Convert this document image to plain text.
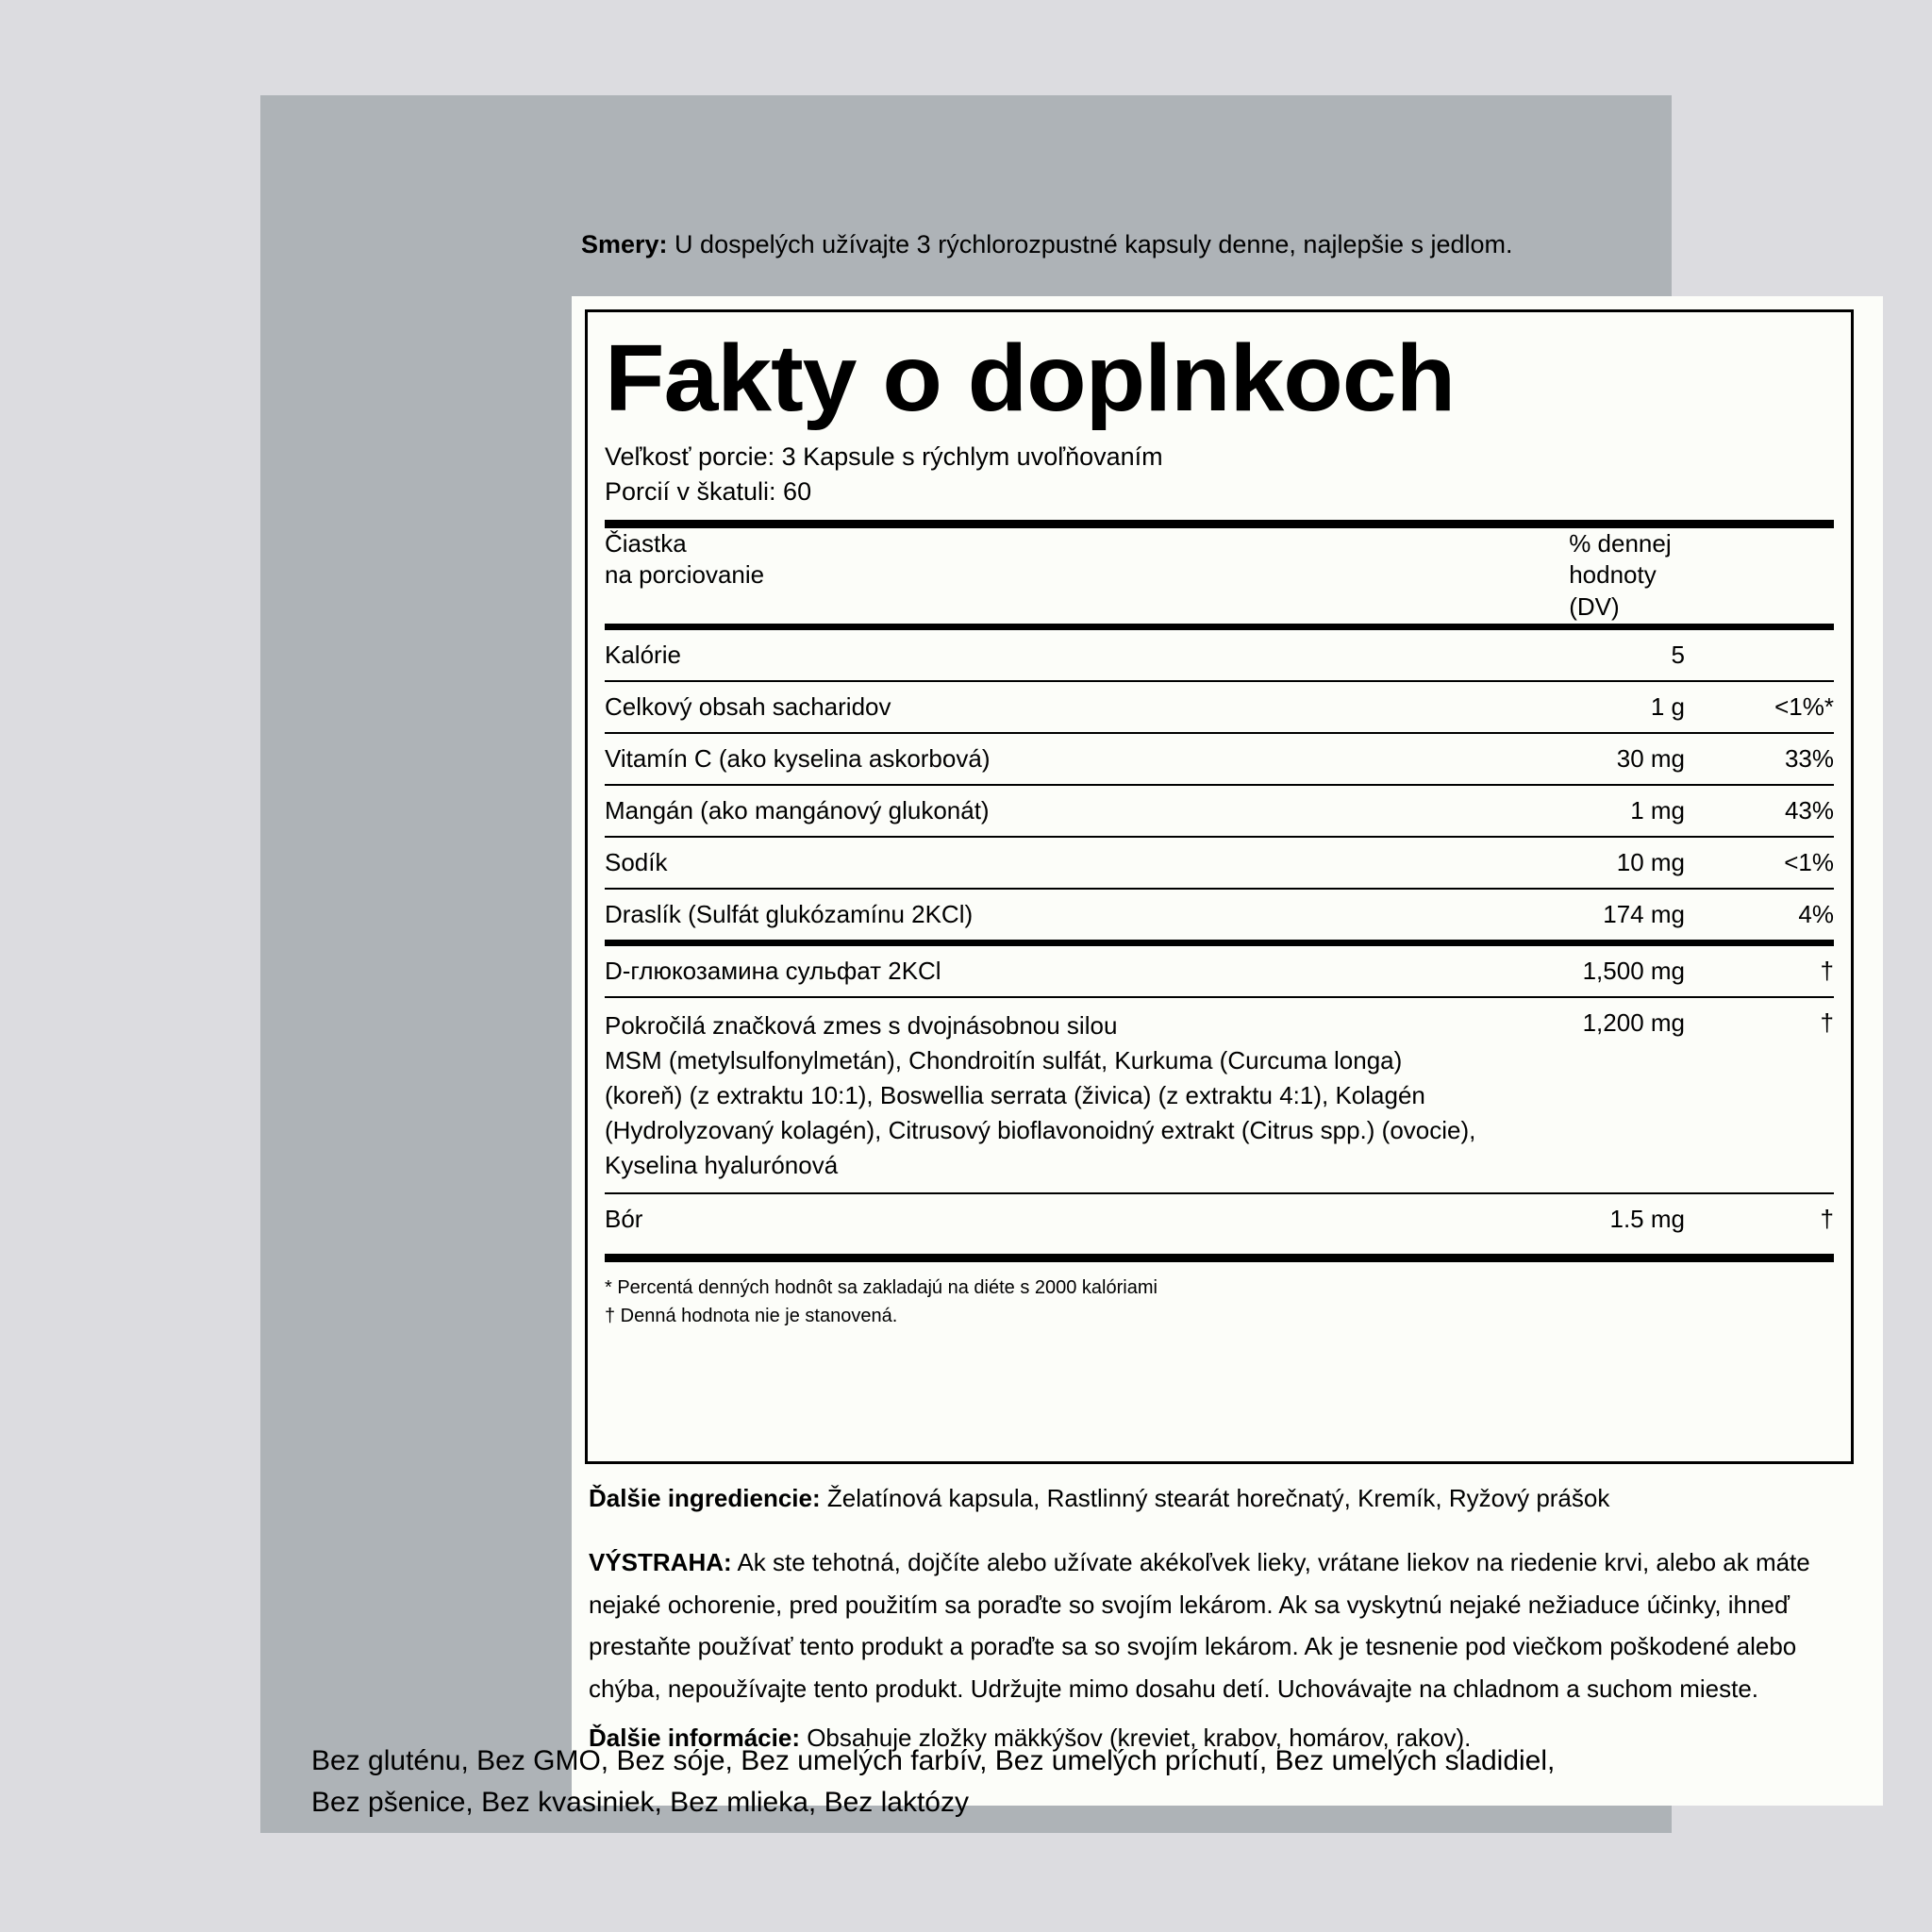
Smery: U dospelých užívajte 3 rýchlorozpustné kapsuly denne, najlepšie s jedlom.
Fakty o doplnkoch
Veľkosť porcie: 3 Kapsule s rýchlym uvoľňovaním
Porcií v škatuli: 60
Čiastka
na porciovanie

% dennej
hodnoty
(DV)

Kalórie	5	
Celkový obsah sacharidov	1 g	<1%*
Vitamín C (ako kyselina askorbová)	30 mg	33%
Mangán (ako mangánový glukonát)	1 mg	43%
Sodík	10 mg	<1%
Draslík (Sulfát glukózamínu 2KCl)	174 mg	4%
D-глюкозамина сульфат 2KCl	1,500 mg	†

Pokročilá značková zmes s dvojnásobnou silou
MSM (metylsulfonylmetán), Chondroitín sulfát, Kurkuma (Curcuma longa)
(koreň) (z extraktu 10:1), Boswellia serrata (živica) (z extraktu 4:1), Kolagén
(Hydrolyzovaný kolagén), Citrusový bioflavonoidný extrakt (Citrus spp.) (ovocie),
Kyselina hyalurónová	1,200 mg	†
Bór	1.5 mg	†
* Percentá denných hodnôt sa zakladajú na diéte s 2000 kalóriami
† Denná hodnota nie je stanovená.
Ďalšie ingrediencie: Želatínová kapsula, Rastlinný stearát horečnatý, Kremík, Ryžový prášok
VÝSTRAHA: Ak ste tehotná, dojčíte alebo užívate akékoľvek lieky, vrátane liekov na riedenie krvi, alebo ak máte nejaké ochorenie, pred použitím sa poraďte so svojím lekárom. Ak sa vyskytnú nejaké nežiaduce účinky, ihneď prestaňte používať tento produkt a poraďte sa so svojím lekárom. Ak je tesnenie pod viečkom poškodené alebo chýba, nepoužívajte tento produkt. Udržujte mimo dosahu detí. Uchovávajte na chladnom a suchom mieste.
Ďalšie informácie: Obsahuje zložky mäkkýšov (kreviet, krabov, homárov, rakov).
Bez gluténu, Bez GMO, Bez sóje, Bez umelých farbív, Bez umelých príchutí, Bez umelých sladidiel,
Bez pšenice, Bez kvasiniek, Bez mlieka, Bez laktózy
